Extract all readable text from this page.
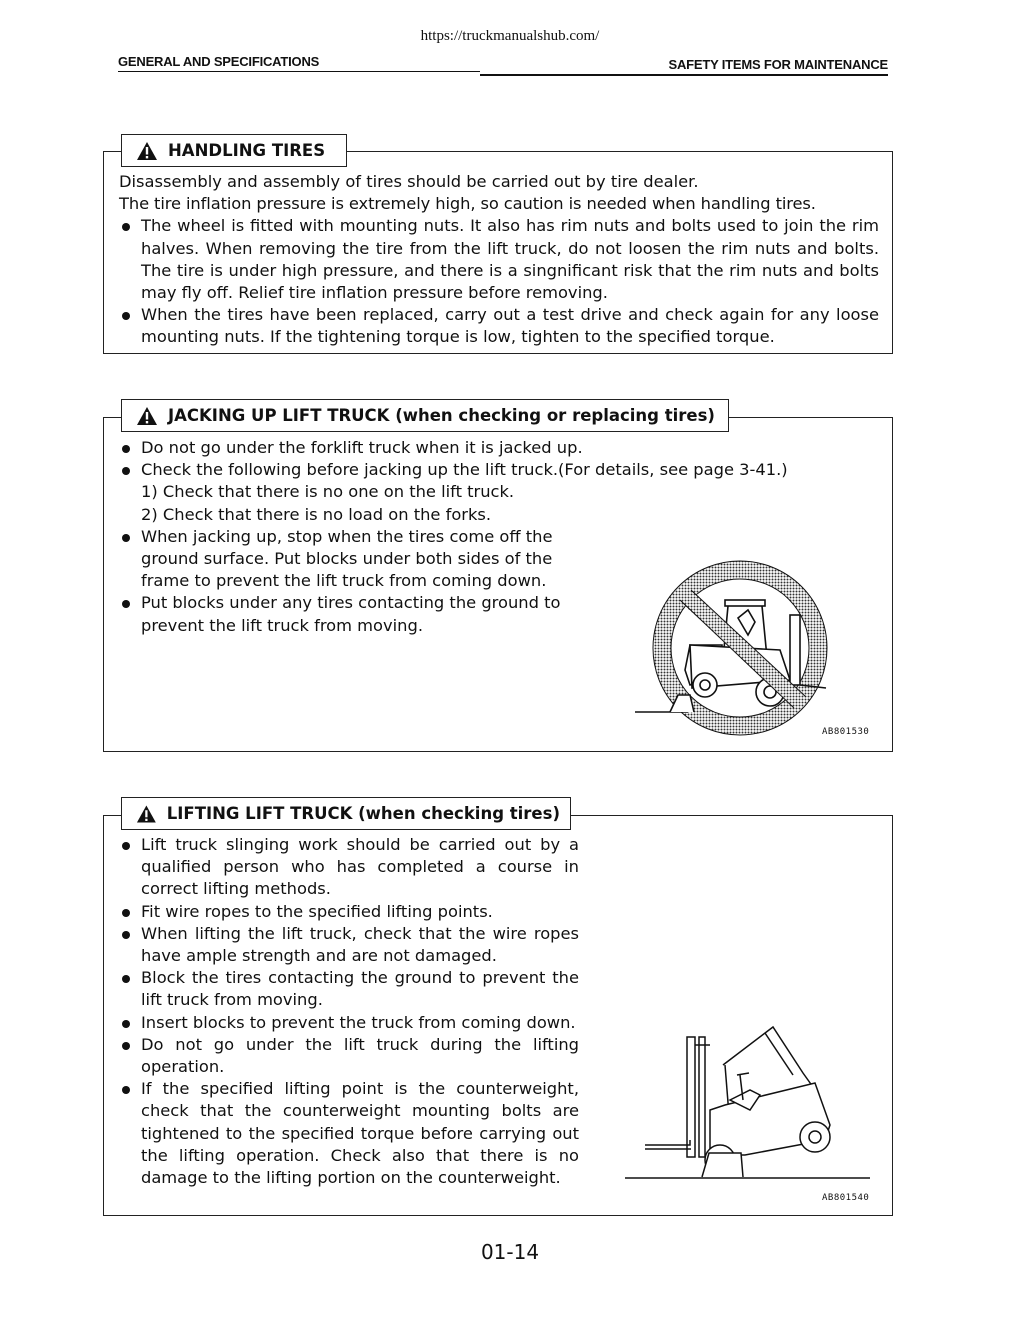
https://truckmanualshub.com/
GENERAL AND SPECIFICATIONS	SAFETY ITEMS FOR MAINTENANCE
HANDLING TIRES

Disassembly and assembly of tires should be carried out by tire dealer.

The tire inflation pressure is extremely high, so caution is needed when handling tires.

The wheel is fitted with mounting nuts. It also has rim nuts and bolts used to join the rim halves. When removing the tire from the lift truck, do not loosen the rim nuts and bolts. The tire is under high pressure, and there is a singnificant risk that the rim nuts and bolts may fly off. Relief tire inflation pressure before removing.

When the tires have been replaced, carry out a test drive and check again for any loose mounting nuts. If the tightening torque is low, tighten to the specified torque.

JACKING UP LIFT TRUCK
(when checking or replacing tires)

Do not go under the forklift truck when it is jacked up.

Check the following before jacking up the lift truck.(For details, see page 3-41.)

1) Check that there is no one on the lift truck.

2) Check that there is no load on the forks.

When jacking up, stop when the tires come off the ground surface. Put blocks under both sides of the frame to prevent the lift truck from coming down.

Put blocks under any tires contacting the ground to prevent the lift truck from moving.

AB801530
LIFTING LIFT TRUCK
(when checking tires)

Lift truck slinging work should be carried out by a qualified person who has completed a course in correct lifting methods.

Fit wire ropes to the specified lifting points.

When lifting the lift truck, check that the wire ropes have ample strength and are not damaged.

Block the tires contacting the ground to prevent the lift truck from moving.

Insert blocks to prevent the truck from coming down.

Do not go under the lift truck during the lifting operation.

If the specified lifting point is the counterweight, check that the counterweight mounting bolts are tightened to the specified torque before carrying out the lifting operation. Check also that there is no damage to the lifting portion on the counterweight.

AB801540
01-14
